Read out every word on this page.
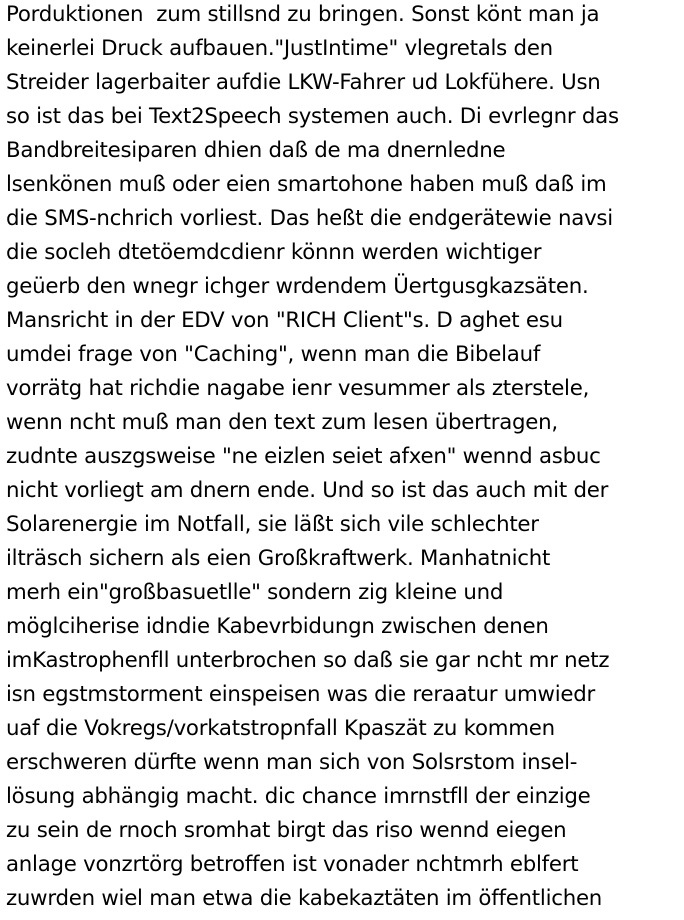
Porduktionen  zum stillsnd zu bringen. Sonst könt man ja
keinerlei Druck aufbauen."JustIntime" vlegretals den
Streider lagerbaiter aufdie LKW-Fahrer ud Lokfühere. Usn
so ist das bei Text2Speech systemen auch. Di evrlegnr das
Bandbreitesiparen dhien daß de ma dnernledne
lsenkönen muß oder eien smartohone haben muß daß im
die SMS-nchrich vorliest. Das heßt die endgerätewie navsi
die socleh dtetöemdcdienr könnn werden wichtiger
geüerb den wnegr ichger wrdendem Üertgusgkazsäten.
Mansricht in der EDV von "RICH Client"s. D aghet esu
umdei frage von "Caching", wenn man die Bibelauf
vorrätg hat richdie nagabe ienr vesummer als zterstele,
wenn ncht muß man den text zum lesen übertragen,
zudnte auszgsweise "ne eizlen seiet afxen" wennd asbuc
nicht vorliegt am dnern ende. Und so ist das auch mit der
Solarenergie im Notfall, sie läßt sich vile schlechter
ilträsch sichern als eien Großkraftwerk. Manhatnicht
merh ein"großbasuetlle" sondern zig kleine und
möglciherise idndie Kabevrbidungn zwischen denen
imKastrophenfll unterbrochen so daß sie gar ncht mr netz
isn egstmstorment einspeisen was die reraatur umwiedr
uaf die Vokregs/vorkatstropnfall Kpaszät zu kommen
erschweren dürfte wenn man sich von Solsrstom insel-
lösung abhängig macht. dic chance imrnstfll der einzige
zu sein de rnoch sromhat birgt das riso wennd eiegen
anlage vonzrtörg betroffen ist vonader nchtmrh eblfert
zuwrden wiel man etwa die kabekaztäten im öffentlichen
